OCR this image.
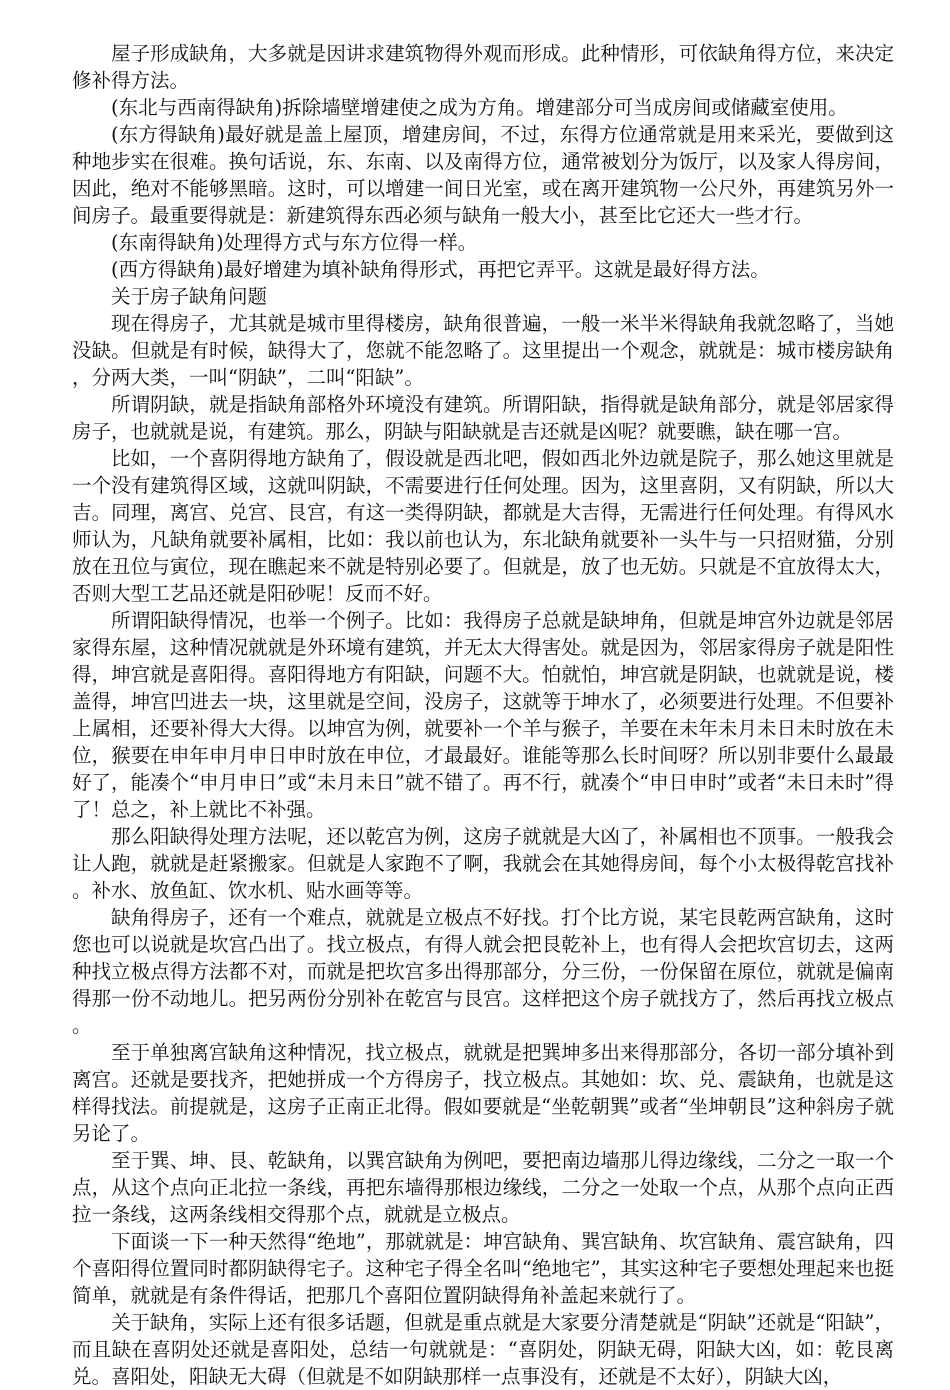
屋子形成缺角，大多就是因讲求建筑物得外观而形成。此种情形，可依缺角得方位，来决定修补得方法。

(东北与西南得缺角)拆除墙壁增建使之成为方角。增建部分可当成房间或储藏室使用。

(东方得缺角)最好就是盖上屋顶，增建房间，不过，东得方位通常就是用来采光，要做到这种地步实在很难。换句话说，东、东南、以及南得方位，通常被划分为饭厅，以及家人得房间，因此，绝对不能够黑暗。这时，可以增建一间日光室，或在离开建筑物一公尺外，再建筑另外一间房子。最重要得就是：新建筑得东西必须与缺角一般大小，甚至比它还大一些才行。

(东南得缺角)处理得方式与东方位得一样。

(西方得缺角)最好增建为填补缺角得形式，再把它弄平。这就是最好得方法。

关于房子缺角问题

现在得房子，尤其就是城市里得楼房，缺角很普遍，一般一米半米得缺角我就忽略了，当她没缺。但就是有时候，缺得大了，您就不能忽略了。这里提出一个观念，就就是：城市楼房缺角，分两大类，一叫“阴缺”，二叫“阳缺”。

所谓阴缺，就是指缺角部格外环境没有建筑。所谓阳缺，指得就是缺角部分，就是邻居家得房子，也就就是说，有建筑。那么，阴缺与阳缺就是吉还就是凶呢？就要瞧，缺在哪一宫。

比如，一个喜阴得地方缺角了，假设就是西北吧，假如西北外边就是院子，那么她这里就是一个没有建筑得区域，这就叫阴缺，不需要进行任何处理。因为，这里喜阴，又有阴缺，所以大吉。同理，离宫、兑宫、艮宫，有这一类得阴缺，都就是大吉得，无需进行任何处理。有得风水师认为，凡缺角就要补属相，比如：我以前也认为，东北缺角就要补一头牛与一只招财猫，分别放在丑位与寅位，现在瞧起来不就是特别必要了。但就是，放了也无妨。只就是不宜放得太大，否则大型工艺品还就是阳砂呢！反而不好。

所谓阳缺得情况，也举一个例子。比如：我得房子总就是缺坤角，但就是坤宫外边就是邻居家得东屋，这种情况就就是外环境有建筑，并无太大得害处。就是因为，邻居家得房子就是阳性得，坤宫就是喜阳得。喜阳得地方有阳缺，问题不大。怕就怕，坤宫就是阴缺，也就就是说，楼盖得，坤宫凹进去一块，这里就是空间，没房子，这就等于坤水了，必须要进行处理。不但要补上属相，还要补得大大得。以坤宫为例，就要补一个羊与猴子，羊要在未年未月未日未时放在未位，猴要在申年申月申日申时放在申位，才最最好。谁能等那么长时间呀？所以别非要什么最最好了，能凑个“申月申日”或“未月未日”就不错了。再不行，就凑个“申日申时”或者“未日未时”得了！总之，补上就比不补强。

那么阳缺得处理方法呢，还以乾宫为例，这房子就就是大凶了，补属相也不顶事。一般我会让人跑，就就是赶紧搬家。但就是人家跑不了啊，我就会在其她得房间，每个小太极得乾宫找补。补水、放鱼缸、饮水机、贴水画等等。

缺角得房子，还有一个难点，就就是立极点不好找。打个比方说，某宅艮乾两宫缺角，这时您也可以说就是坎宫凸出了。找立极点，有得人就会把艮乾补上，也有得人会把坎宫切去，这两种找立极点得方法都不对，而就是把坎宫多出得那部分，分三份，一份保留在原位，就就是偏南得那一份不动地儿。把另两份分别补在乾宫与艮宫。这样把这个房子就找方了，然后再找立极点。

至于单独离宫缺角这种情况，找立极点，就就是把巽坤多出来得那部分，各切一部分填补到离宫。还就是要找齐，把她拼成一个方得房子，找立极点。其她如：坎、兑、震缺角，也就是这样得找法。前提就是，这房子正南正北得。假如要就是“坐乾朝巽”或者“坐坤朝艮”这种斜房子就另论了。

至于巽、坤、艮、乾缺角，以巽宫缺角为例吧，要把南边墙那儿得边缘线，二分之一取一个点，从这个点向正北拉一条线，再把东墙得那根边缘线，二分之一处取一个点，从那个点向正西拉一条线，这两条线相交得那个点，就就是立极点。

下面谈一下一种天然得“绝地”，那就就是：坤宫缺角、巽宫缺角、坎宫缺角、震宫缺角，四个喜阳得位置同时都阴缺得宅子。这种宅子得全名叫“绝地宅”，其实这种宅子要想处理起来也挺简单，就就是有条件得话，把那几个喜阳位置阴缺得角补盖起来就行了。

关于缺角，实际上还有很多话题，但就是重点就是大家要分清楚就是“阴缺”还就是“阳缺”，而且缺在喜阴处还就是喜阳处，总结一句就就是：“喜阴处，阴缺无碍，阳缺大凶，如：乾艮离兑。喜阳处，阳缺无大碍（但就是不如阴缺那样一点事没有，还就是不太好），阴缺大凶，
